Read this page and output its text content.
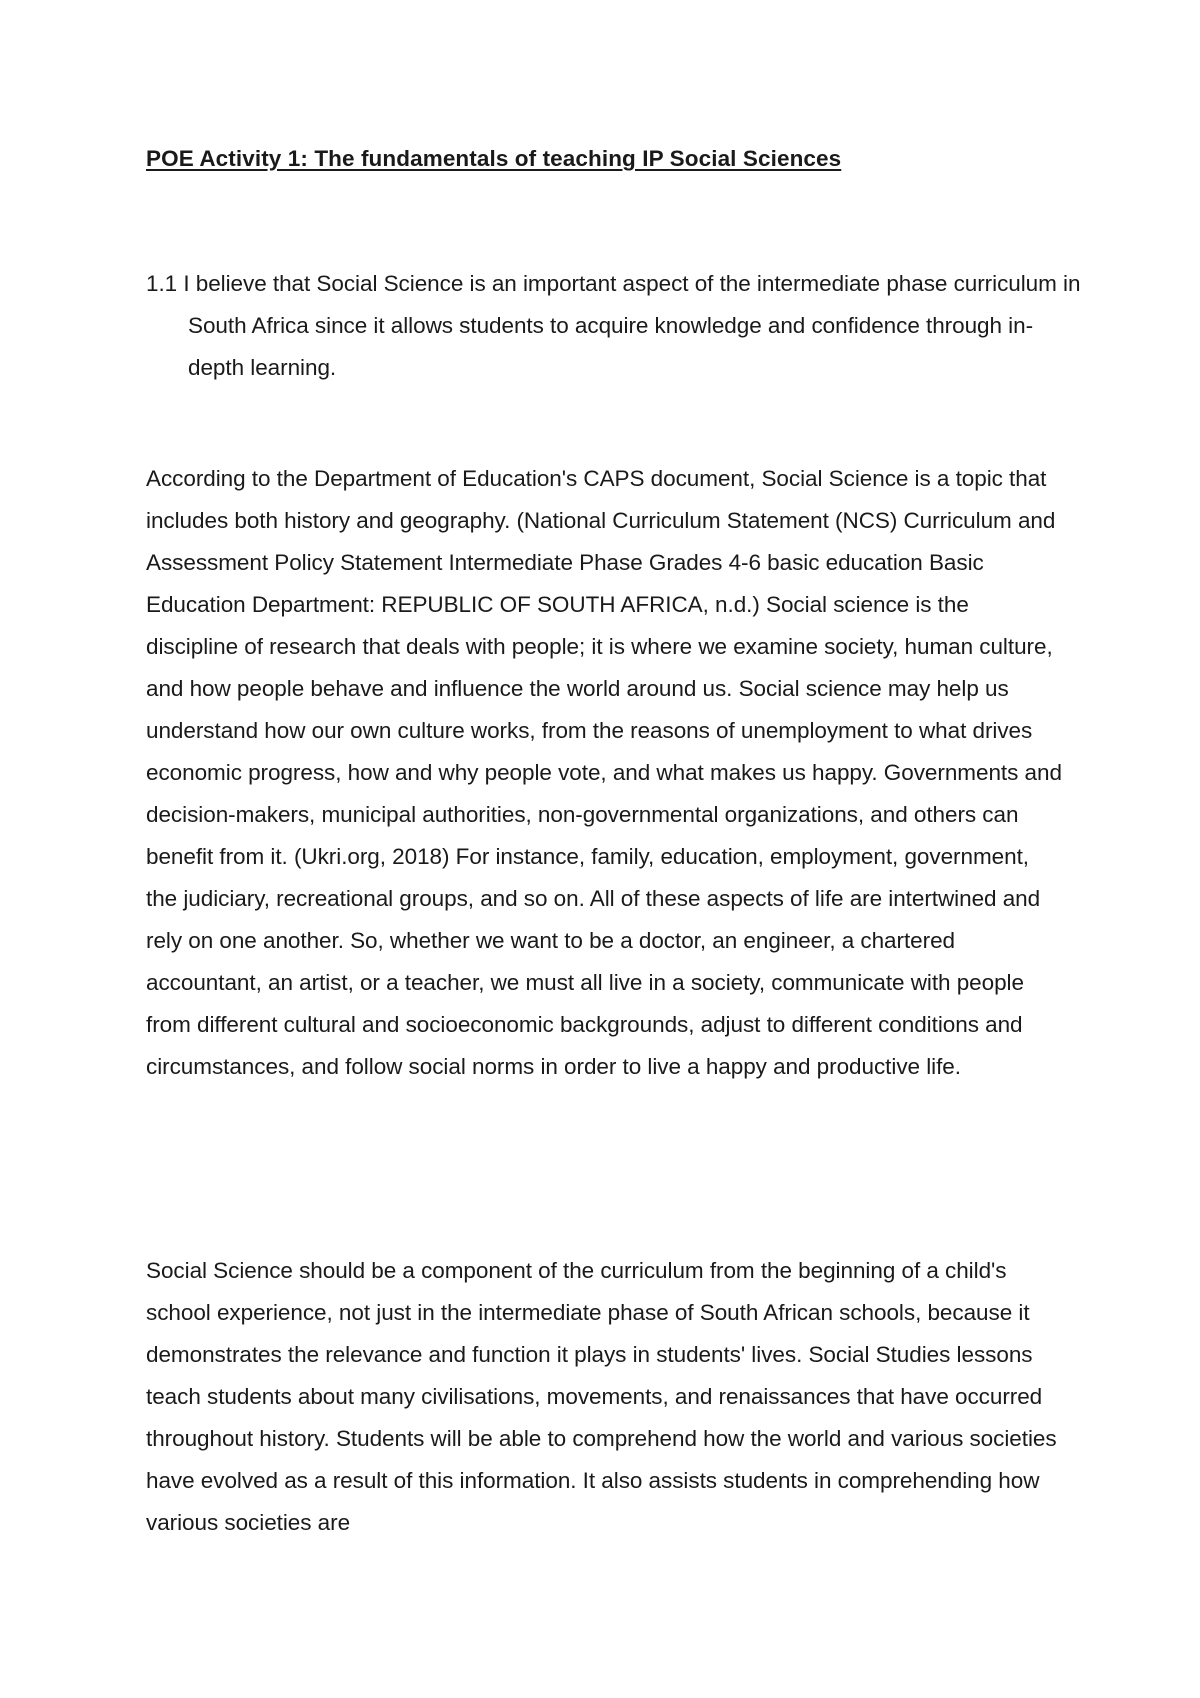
POE Activity 1: The fundamentals of teaching IP Social Sciences

1.1 I believe that Social Science is an important aspect of the intermediate phase curriculum in South Africa since it allows students to acquire knowledge and confidence through in-depth learning.

According to the Department of Education's CAPS document, Social Science is a topic that includes both history and geography. (National Curriculum Statement (NCS) Curriculum and Assessment Policy Statement Intermediate Phase Grades 4-6 basic education Basic Education Department: REPUBLIC OF SOUTH AFRICA, n.d.) Social science is the discipline of research that deals with people; it is where we examine society, human culture, and how people behave and influence the world around us. Social science may help us understand how our own culture works, from the reasons of unemployment to what drives economic progress, how and why people vote, and what makes us happy. Governments and decision-makers, municipal authorities, non-governmental organizations, and others can benefit from it. (Ukri.org, 2018) For instance, family, education, employment, government, the judiciary, recreational groups, and so on. All of these aspects of life are intertwined and rely on one another. So, whether we want to be a doctor, an engineer, a chartered accountant, an artist, or a teacher, we must all live in a society, communicate with people from different cultural and socioeconomic backgrounds, adjust to different conditions and circumstances, and follow social norms in order to live a happy and productive life.

Social Science should be a component of the curriculum from the beginning of a child's school experience, not just in the intermediate phase of South African schools, because it demonstrates the relevance and function it plays in students' lives. Social Studies lessons teach students about many civilisations, movements, and renaissances that have occurred throughout history. Students will be able to comprehend how the world and various societies have evolved as a result of this information. It also assists students in comprehending how various societies are
